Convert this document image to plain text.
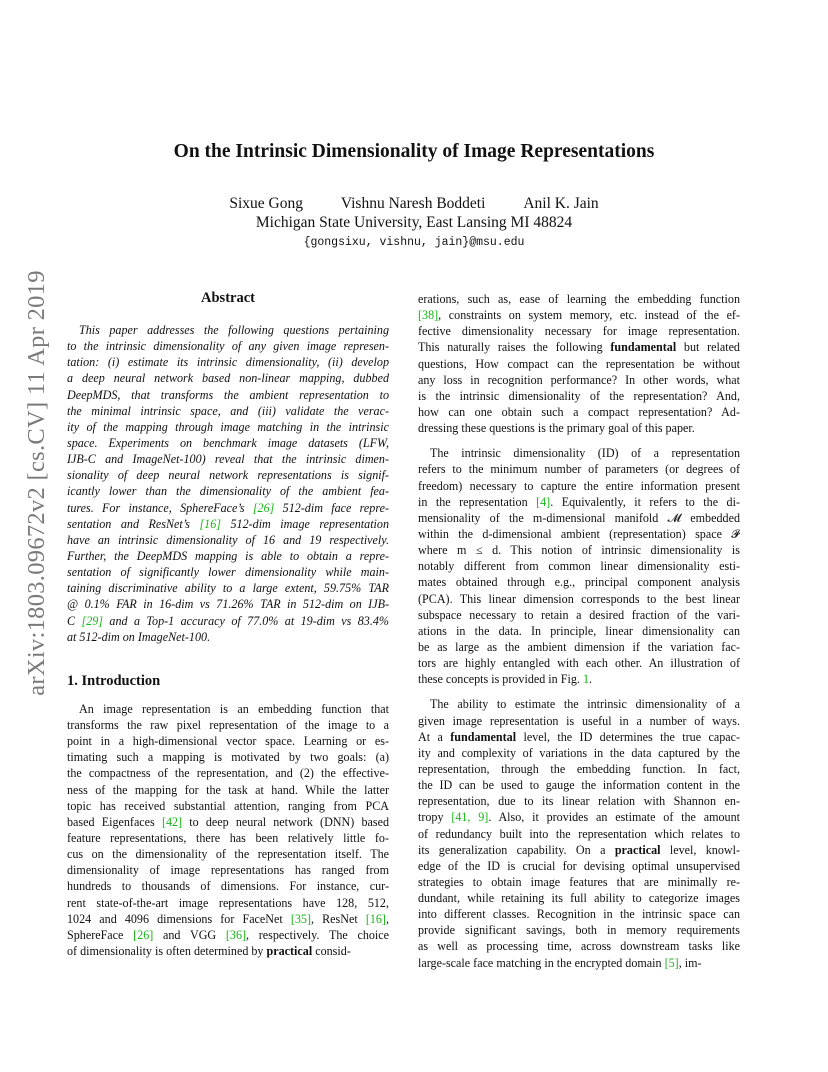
arXiv:1803.09672v2 [cs.CV] 11 Apr 2019
On the Intrinsic Dimensionality of Image Representations
Sixue Gong Vishnu Naresh Boddeti Anil K. Jain
Michigan State University, East Lansing MI 48824
{gongsixu, vishnu, jain}@msu.edu
Abstract
This paper addresses the following questions pertaining
to the intrinsic dimensionality of any given image represen-
tation: (i) estimate its intrinsic dimensionality, (ii) develop
a deep neural network based non-linear mapping, dubbed
DeepMDS, that transforms the ambient representation to
the minimal intrinsic space, and (iii) validate the verac-
ity of the mapping through image matching in the intrinsic
space. Experiments on benchmark image datasets (LFW,
IJB-C and ImageNet-100) reveal that the intrinsic dimen-
sionality of deep neural network representations is signif-
icantly lower than the dimensionality of the ambient fea-
tures. For instance, SphereFace’s [26] 512-dim face repre-
sentation and ResNet’s [16] 512-dim image representation
have an intrinsic dimensionality of 16 and 19 respectively.
Further, the DeepMDS mapping is able to obtain a repre-
sentation of significantly lower dimensionality while main-
taining discriminative ability to a large extent, 59.75% TAR
@ 0.1% FAR in 16-dim vs 71.26% TAR in 512-dim on IJB-
C [29] and a Top-1 accuracy of 77.0% at 19-dim vs 83.4%
at 512-dim on ImageNet-100.
1. Introduction
An image representation is an embedding function that
transforms the raw pixel representation of the image to a
point in a high-dimensional vector space. Learning or es-
timating such a mapping is motivated by two goals: (a)
the compactness of the representation, and (2) the effective-
ness of the mapping for the task at hand. While the latter
topic has received substantial attention, ranging from PCA
based Eigenfaces [42] to deep neural network (DNN) based
feature representations, there has been relatively little fo-
cus on the dimensionality of the representation itself. The
dimensionality of image representations has ranged from
hundreds to thousands of dimensions. For instance, cur-
rent state-of-the-art image representations have 128, 512,
1024 and 4096 dimensions for FaceNet [35], ResNet [16],
SphereFace [26] and VGG [36], respectively. The choice
of dimensionality is often determined by practical consid-
erations, such as, ease of learning the embedding function
[38], constraints on system memory, etc. instead of the ef-
fective dimensionality necessary for image representation.
This naturally raises the following fundamental but related
questions, How compact can the representation be without
any loss in recognition performance? In other words, what
is the intrinsic dimensionality of the representation? And,
how can one obtain such a compact representation? Ad-
dressing these questions is the primary goal of this paper.
The intrinsic dimensionality (ID) of a representation
refers to the minimum number of parameters (or degrees of
freedom) necessary to capture the entire information present
in the representation [4]. Equivalently, it refers to the di-
mensionality of the m-dimensional manifold 𝓜 embedded
within the d-dimensional ambient (representation) space 𝓟
where m ≤ d. This notion of intrinsic dimensionality is
notably different from common linear dimensionality esti-
mates obtained through e.g., principal component analysis
(PCA). This linear dimension corresponds to the best linear
subspace necessary to retain a desired fraction of the vari-
ations in the data. In principle, linear dimensionality can
be as large as the ambient dimension if the variation fac-
tors are highly entangled with each other. An illustration of
these concepts is provided in Fig. 1.
The ability to estimate the intrinsic dimensionality of a
given image representation is useful in a number of ways.
At a fundamental level, the ID determines the true capac-
ity and complexity of variations in the data captured by the
representation, through the embedding function. In fact,
the ID can be used to gauge the information content in the
representation, due to its linear relation with Shannon en-
tropy [41, 9]. Also, it provides an estimate of the amount
of redundancy built into the representation which relates to
its generalization capability. On a practical level, knowl-
edge of the ID is crucial for devising optimal unsupervised
strategies to obtain image features that are minimally re-
dundant, while retaining its full ability to categorize images
into different classes. Recognition in the intrinsic space can
provide significant savings, both in memory requirements
as well as processing time, across downstream tasks like
large-scale face matching in the encrypted domain [5], im-
